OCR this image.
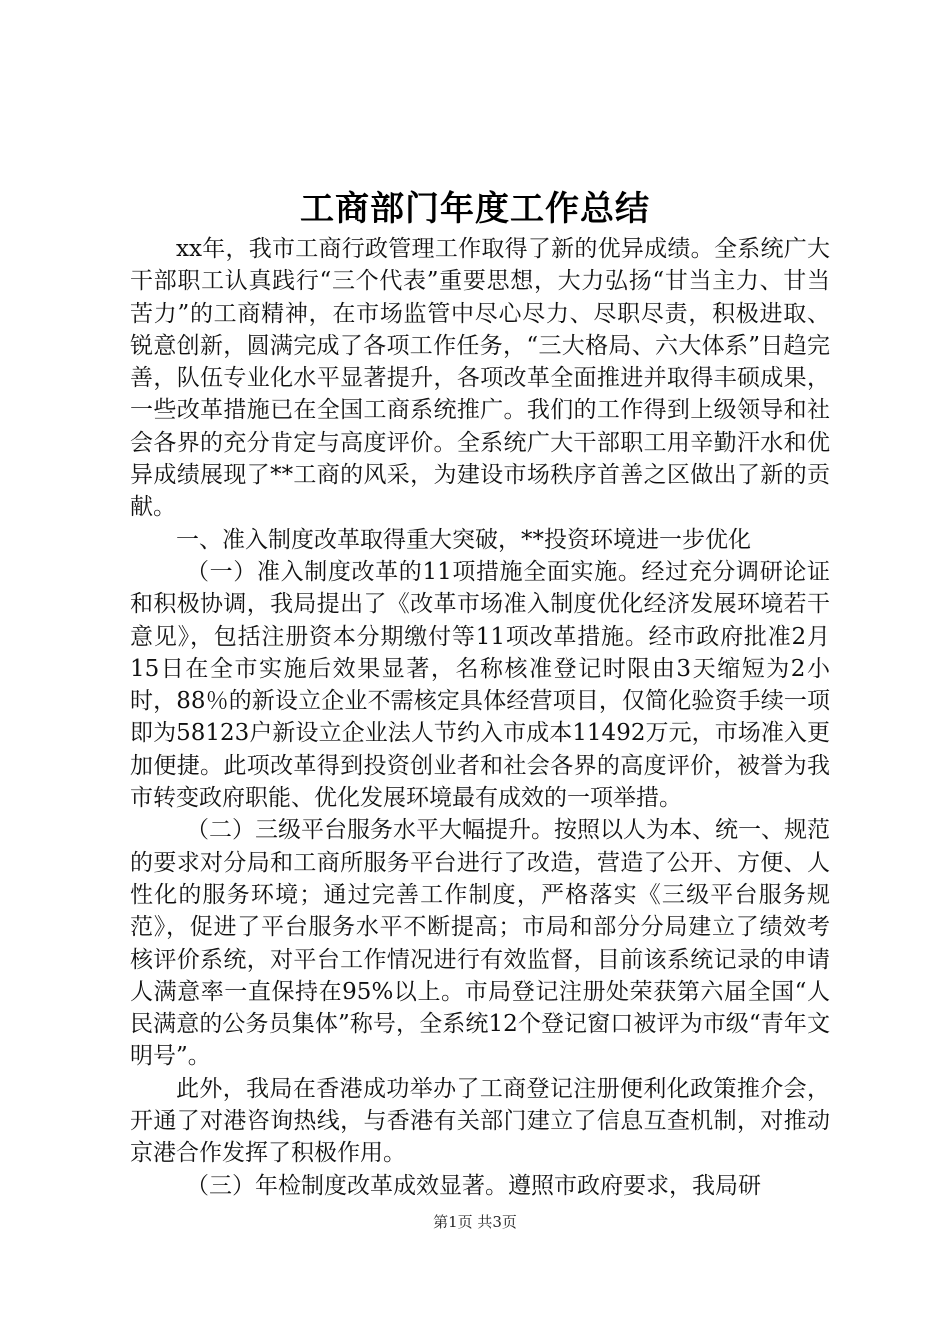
工商部门年度工作总结

xx年，我市工商行政管理工作取得了新的优异成绩。全系统广大干部职工认真践行“三个代表”重要思想，大力弘扬“甘当主力、甘当苦力”的工商精神，在市场监管中尽心尽力、尽职尽责，积极进取、锐意创新，圆满完成了各项工作任务，“三大格局、六大体系”日趋完善，队伍专业化水平显著提升，各项改革全面推进并取得丰硕成果，一些改革措施已在全国工商系统推广。我们的工作得到上级领导和社会各界的充分肯定与高度评价。全系统广大干部职工用辛勤汗水和优异成绩展现了**工商的风采，为建设市场秩序首善之区做出了新的贡献。

一、准入制度改革取得重大突破，**投资环境进一步优化

（一）准入制度改革的11项措施全面实施。经过充分调研论证和积极协调，我局提出了《改革市场准入制度优化经济发展环境若干意见》，包括注册资本分期缴付等11项改革措施。经市政府批准2月15日在全市实施后效果显著，名称核准登记时限由3天缩短为2小时，88％的新设立企业不需核定具体经营项目，仅简化验资手续一项即为58123户新设立企业法人节约入市成本11492万元，市场准入更加便捷。此项改革得到投资创业者和社会各界的高度评价，被誉为我市转变政府职能、优化发展环境最有成效的一项举措。

（二）三级平台服务水平大幅提升。按照以人为本、统一、规范的要求对分局和工商所服务平台进行了改造，营造了公开、方便、人性化的服务环境；通过完善工作制度，严格落实《三级平台服务规范》，促进了平台服务水平不断提高；市局和部分分局建立了绩效考核评价系统，对平台工作情况进行有效监督，目前该系统记录的申请人满意率一直保持在95%以上。市局登记注册处荣获第六届全国“人民满意的公务员集体”称号，全系统12个登记窗口被评为市级“青年文明号”。

此外，我局在香港成功举办了工商登记注册便利化政策推介会，开通了对港咨询热线，与香港有关部门建立了信息互查机制，对推动京港合作发挥了积极作用。

（三）年检制度改革成效显著。遵照市政府要求，我局研

第1页 共3页
